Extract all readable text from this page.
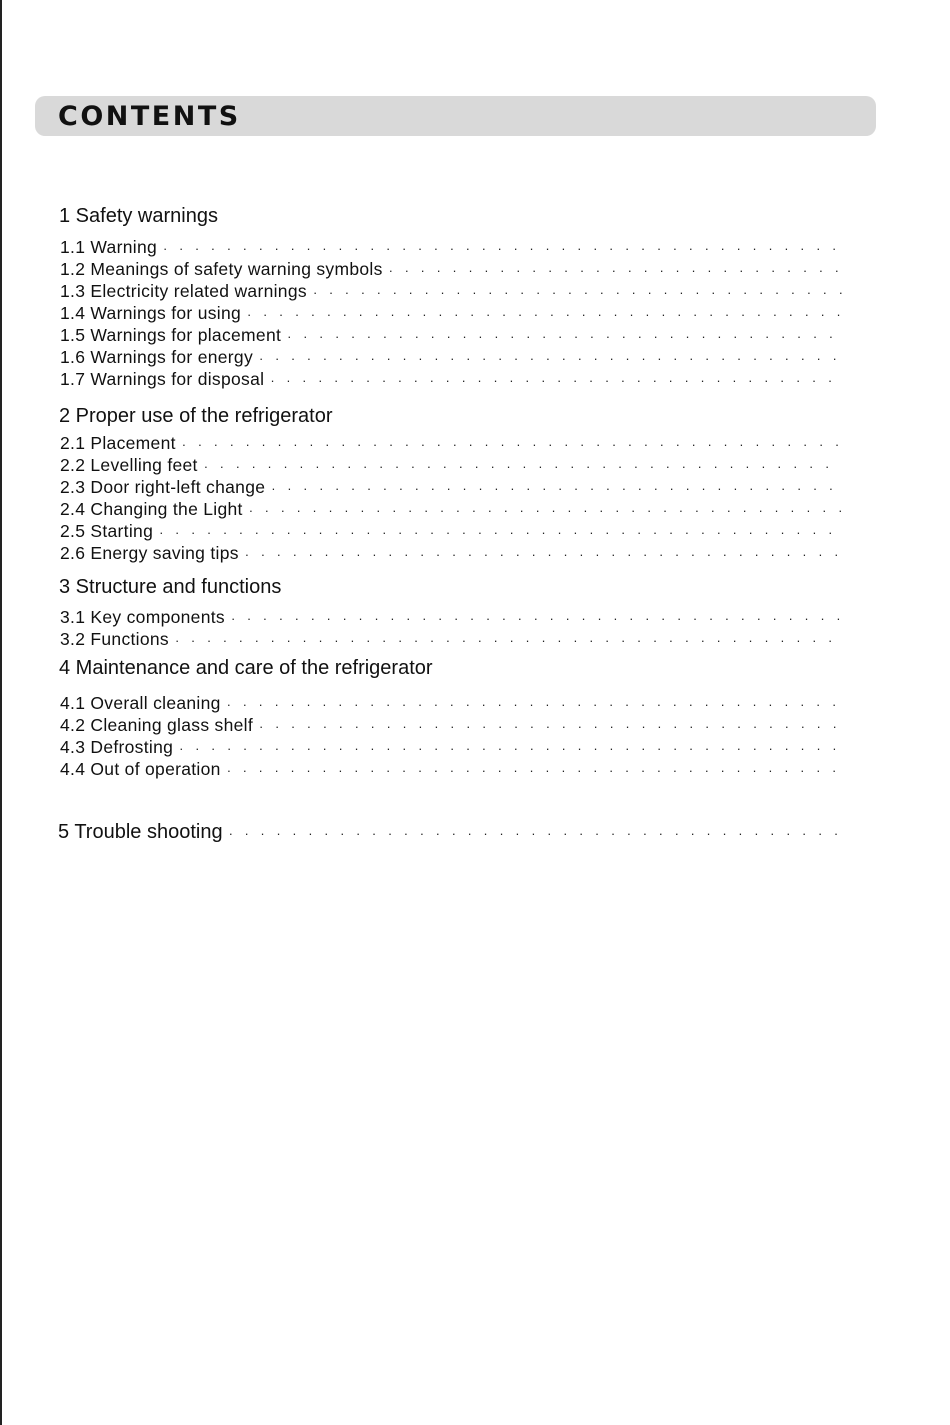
CONTENTS
1 Safety warnings
1.1 Warning
·····
1.2 Meanings of safety warning symbols
·····
1.3 Electricity related warnings
·····
1.4 Warnings for using
·····
1.5 Warnings for placement
·····
1.6 Warnings for energy
·····
1.7 Warnings for disposal
·····
2 Proper use of the refrigerator
2.1 Placement
·····
2.2 Levelling feet
·····
2.3 Door right-left change
·····
2.4 Changing the Light
·····
2.5 Starting
·····
2.6 Energy saving tips
·····
3 Structure and functions
3.1 Key components
·····
3.2 Functions
·····
4 Maintenance and care of the refrigerator
4.1 Overall cleaning
·····
4.2 Cleaning glass shelf
·····
4.3 Defrosting
·····
4.4 Out of operation
·····
5 Trouble shooting
·····
